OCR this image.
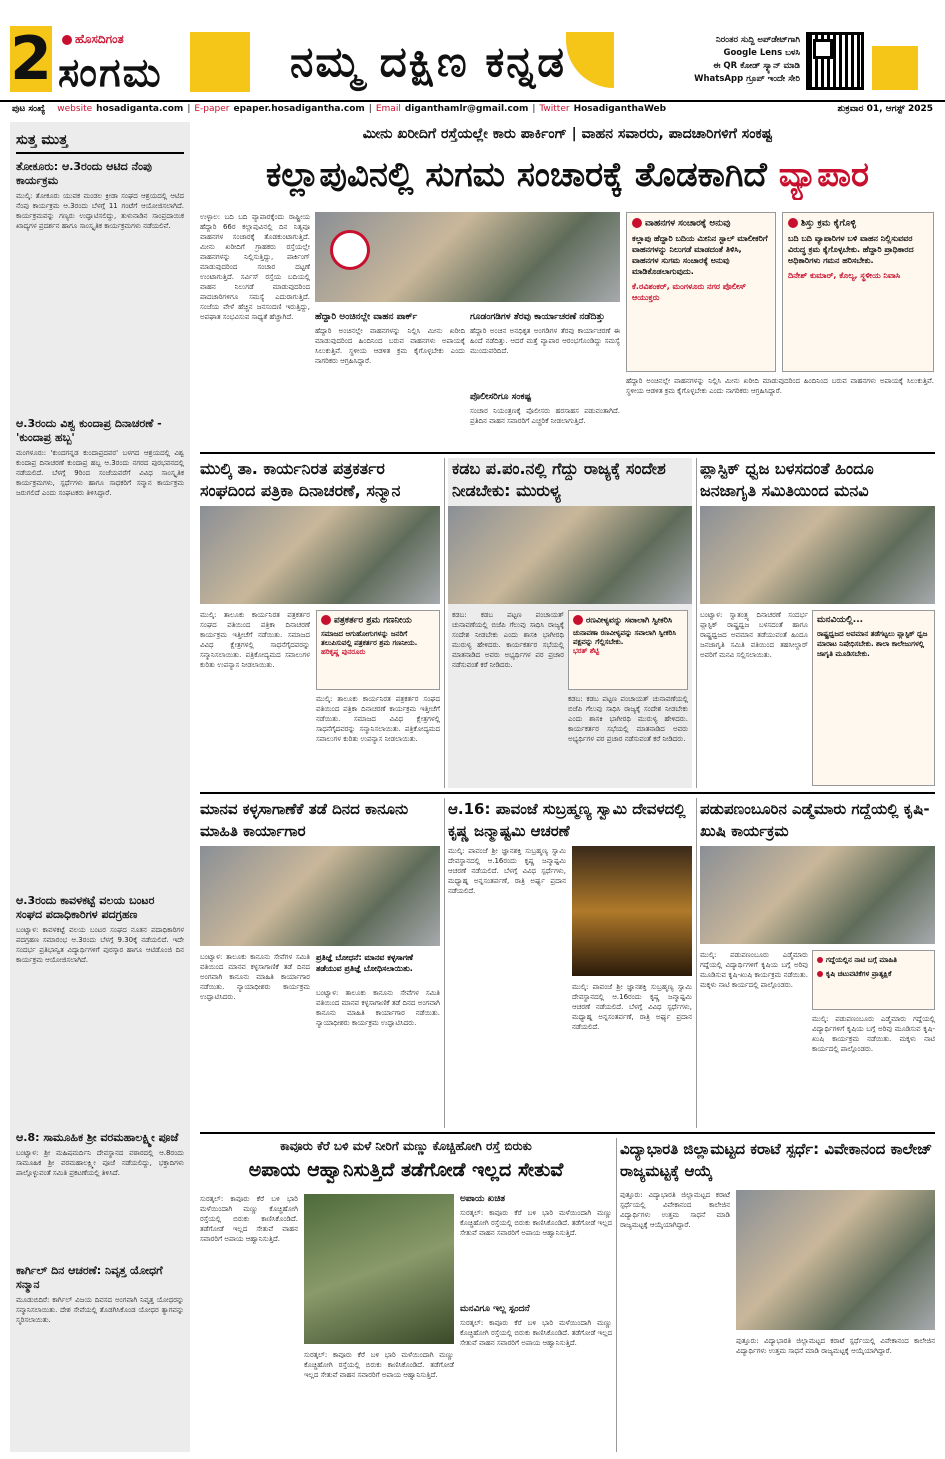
2	ಹೊಸದಿಗಂತ
ಸಂಗಮ	ನಮ್ಮ ದಕ್ಷಿಣ ಕನ್ನಡ	ನಿರಂತರ ಸುದ್ದಿ ಅಪ್‌ಡೇಟ್‌ಗಾಗಿ
Google Lens ಬಳಸಿ
ಈ QR ಕೋಡ್ ಸ್ಕ್ಯಾನ್ ಮಾಡಿ
WhatsApp ಗ್ರೂಪ್ ಇಂದೇ ಸೇರಿ
ಪುಟ ಸಂಖ್ಯೆ website hosadiganta.com | E-paper epaper.hosadigantha.com | Email diganthamlr@gmail.com | Twitter HosadiganthaWeb	ಶುಕ್ರವಾರ 01, ಆಗಸ್ಟ್ 2025
ಸುತ್ತ ಮುತ್ತ
ತೋಕೂರು: ಆ.3ರಂದು ಆಟಿದ ನೆಂಪು ಕಾರ್ಯಕ್ರಮ
ಮುಲ್ಕಿ: ತೋಕೂರು ಯುವಕ ಮಂಡಲ ಕ್ರೀಡಾ ಸಂಘದ ಆಶ್ರಯದಲ್ಲಿ ಆಟಿದ ನೆಂಪು ಕಾರ್ಯಕ್ರಮ ಆ.3ರಂದು ಬೆಳಗ್ಗೆ 11 ಗಂಟೆಗೆ ಆಯೋಜಿಸಲಾಗಿದೆ. ಕಾರ್ಯಕ್ರಮವನ್ನು ಗಣ್ಯರು ಉದ್ಘಾಟಿಸಲಿದ್ದು, ತುಳುನಾಡಿನ ಸಾಂಪ್ರದಾಯಿಕ ಖಾದ್ಯಗಳ ಪ್ರದರ್ಶನ ಹಾಗೂ ಸಾಂಸ್ಕೃತಿಕ ಕಾರ್ಯಕ್ರಮಗಳು ನಡೆಯಲಿವೆ.
ಆ.3ರಂದು ವಿಶ್ವ ಕುಂದಾಪ್ರ ದಿನಾಚರಣೆ - 'ಕುಂದಾಪ್ರ ಹಬ್ಬ'
ಮಂಗಳೂರು: 'ಕುಂದಗನ್ನಡ ಕುಂದಾಪ್ರದವರ' ಬಳಗದ ಆಶ್ರಯದಲ್ಲಿ ವಿಶ್ವ ಕುಂದಾಪ್ರ ದಿನಾಚರಣೆ ಕುಂದಾಪ್ರ ಹಬ್ಬ ಆ.3ರಂದು ನಗರದ ಪುರಭವನದಲ್ಲಿ ನಡೆಯಲಿದೆ. ಬೆಳಗ್ಗೆ 9ರಿಂದ ಸಂಜೆಯವರೆಗೆ ವಿವಿಧ ಸಾಂಸ್ಕೃತಿಕ ಕಾರ್ಯಕ್ರಮಗಳು, ಸ್ಪರ್ಧೆಗಳು ಹಾಗೂ ಸಾಧಕರಿಗೆ ಸನ್ಮಾನ ಕಾರ್ಯಕ್ರಮ ಜರುಗಲಿದೆ ಎಂದು ಸಂಘಟಕರು ತಿಳಿಸಿದ್ದಾರೆ.
ಆ.3ರಂದು ಕಾವಳಕಟ್ಟೆ ವಲಯ ಬಂಟರ ಸಂಘದ ಪದಾಧಿಕಾರಿಗಳ ಪದಗ್ರಹಣ
ಬಂಟ್ವಾಳ: ಕಾವಳಕಟ್ಟೆ ವಲಯ ಬಂಟರ ಸಂಘದ ನೂತನ ಪದಾಧಿಕಾರಿಗಳ ಪದಗ್ರಹಣ ಸಮಾರಂಭ ಆ.3ರಂದು ಬೆಳಗ್ಗೆ 9.30ಕ್ಕೆ ನಡೆಯಲಿದೆ. ಇದೇ ಸಂದರ್ಭ ಪ್ರತಿಭಾನ್ವಿತ ವಿದ್ಯಾರ್ಥಿಗಳಿಗೆ ಪುರಸ್ಕಾರ ಹಾಗೂ ಆಟಿಡೊಂಜಿ ದಿನ ಕಾರ್ಯಕ್ರಮ ಆಯೋಜಿಸಲಾಗಿದೆ.
ಆ.8: ಸಾಮೂಹಿಕ ಶ್ರೀ ವರಮಹಾಲಕ್ಷ್ಮೀ ಪೂಜೆ
ಬಂಟ್ವಾಳ: ಶ್ರೀ ಮಹಿಷಮರ್ದಿನಿ ದೇವಸ್ಥಾನದ ವಠಾರದಲ್ಲಿ ಆ.8ರಂದು ಸಾಮೂಹಿಕ ಶ್ರೀ ವರಮಹಾಲಕ್ಷ್ಮೀ ಪೂಜೆ ನಡೆಯಲಿದ್ದು, ಭಕ್ತಾದಿಗಳು ಪಾಲ್ಗೊಳ್ಳುವಂತೆ ಸಮಿತಿ ಪ್ರಕಟಣೆಯಲ್ಲಿ ತಿಳಿಸಿದೆ.
ಕಾರ್ಗಿಲ್ ದಿನ ಆಚರಣೆ: ನಿವೃತ್ತ ಯೋಧಗೆ ಸನ್ಮಾನ
ಮೂಡುಬಿದಿರೆ: ಕಾರ್ಗಿಲ್ ವಿಜಯ ದಿವಸದ ಅಂಗವಾಗಿ ನಿವೃತ್ತ ಯೋಧರನ್ನು ಸನ್ಮಾನಿಸಲಾಯಿತು. ದೇಶ ಸೇವೆಯಲ್ಲಿ ತೊಡಗಿಸಿಕೊಂಡ ಯೋಧರ ತ್ಯಾಗವನ್ನು ಸ್ಮರಿಸಲಾಯಿತು.
ಮೀನು ಖರೀದಿಗೆ ರಸ್ತೆಯಲ್ಲೇ ಕಾರು ಪಾರ್ಕಿಂಗ್ | ವಾಹನ ಸವಾರರು, ಪಾದಚಾರಿಗಳಿಗೆ ಸಂಕಷ್ಟ
ಕಲ್ಲಾಪುವಿನಲ್ಲಿ ಸುಗಮ ಸಂಚಾರಕ್ಕೆ ತೊಡಕಾಗಿದೆ ವ್ಯಾಪಾರ
ಉಳ್ಳಾಲ: ಬದಿ ಬದಿ ವ್ಯಾಪಾರಕ್ಕೆಂದು ರಾಷ್ಟ್ರೀಯ ಹೆದ್ದಾರಿ 66ರ ಕಲ್ಲಾಪುವಿನಲ್ಲಿ ದಿನ ನಿತ್ಯವೂ ವಾಹನಗಳ ಸಂಚಾರಕ್ಕೆ ತೊಡಕುಂಟಾಗುತ್ತಿದೆ. ಮೀನು ಖರೀದಿಗೆ ಗ್ರಾಹಕರು ರಸ್ತೆಯಲ್ಲೇ ವಾಹನಗಳನ್ನು ನಿಲ್ಲಿಸುತ್ತಿದ್ದು, ಪಾರ್ಕಿಂಗ್ ಮಾಡುವುದರಿಂದ ಸಂಚಾರ ದಟ್ಟಣೆ ಉಂಟಾಗುತ್ತಿದೆ. ಸರ್ವಿಸ್ ರಸ್ತೆಯ ಬದಿಯಲ್ಲಿ ವಾಹನ ನಿಲುಗಡೆ ಮಾಡುವುದರಿಂದ ಪಾದಚಾರಿಗಳಿಗೂ ಸಮಸ್ಯೆ ಎದುರಾಗುತ್ತಿದೆ. ಸಂಜೆಯ ವೇಳೆ ಹೆಚ್ಚಿನ ಜನಸಂದಣಿ ಇರುತ್ತಿದ್ದು, ಅಪಘಾತ ಸಂಭವಿಸುವ ಸಾಧ್ಯತೆ ಹೆಚ್ಚಾಗಿದೆ.	ಹೆದ್ದಾರಿ ಅಂಚಿನಲ್ಲೇ ವಾಹನ ಪಾರ್ಕ್
ಹೆದ್ದಾರಿ ಅಂಚಿನಲ್ಲೇ ವಾಹನಗಳನ್ನು ನಿಲ್ಲಿಸಿ ಮೀನು ಖರೀದಿ ಮಾಡುವುದರಿಂದ ಹಿಂದಿನಿಂದ ಬರುವ ವಾಹನಗಳು ಅಪಾಯಕ್ಕೆ ಸಿಲುಕುತ್ತಿವೆ. ಸ್ಥಳೀಯ ಆಡಳಿತ ಕ್ರಮ ಕೈಗೊಳ್ಳಬೇಕು ಎಂದು ನಾಗರಿಕರು ಆಗ್ರಹಿಸಿದ್ದಾರೆ.
ಗೂಡಂಗಡಿಗಳ ತೆರವು ಕಾರ್ಯಾಚರಣೆ ನಡೆದಿತ್ತು
ಹೆದ್ದಾರಿ ಅಂಚಿನ ಅನಧಿಕೃತ ಅಂಗಡಿಗಳ ತೆರವು ಕಾರ್ಯಾಚರಣೆ ಈ ಹಿಂದೆ ನಡೆದಿತ್ತು. ಆದರೆ ಮತ್ತೆ ವ್ಯಾಪಾರ ಆರಂಭಗೊಂಡಿದ್ದು ಸಮಸ್ಯೆ ಮುಂದುವರಿದಿದೆ.
ಪೊಲೀಸರಿಗೂ ಸಂಕಷ್ಟ
ಸಂಚಾರ ನಿಯಂತ್ರಣಕ್ಕೆ ಪೊಲೀಸರು ಹರಸಾಹಸ ಪಡುವಂತಾಗಿದೆ. ಪ್ರತಿದಿನ ವಾಹನ ಸವಾರರಿಗೆ ಎಚ್ಚರಿಕೆ ನೀಡಲಾಗುತ್ತಿದೆ.
ವಾಹನಗಳ ಸಂಚಾರಕ್ಕೆ ಅನುವು
ಕಲ್ಲಾಪು ಹೆದ್ದಾರಿ ಬದಿಯ ಮೀನಿನ ಸ್ಟಾಲ್ ಮಾಲೀಕರಿಗೆ ವಾಹನಗಳನ್ನು ನಿಲುಗಡೆ ಮಾಡದಂತೆ ತಿಳಿಸಿ, ವಾಹನಗಳ ಸುಗಮ ಸಂಚಾರಕ್ಕೆ ಅನುವು ಮಾಡಿಕೊಡಲಾಗುವುದು.
ಕೆ.ರವಿಶಂಕರ್, ಮಂಗಳೂರು ನಗರ ಪೊಲೀಸ್ ಆಯುಕ್ತರು
ಶಿಸ್ತು ಕ್ರಮ ಕೈಗೊಳ್ಳಿ
ಬದಿ ಬದಿ ವ್ಯಾಪಾರಿಗಳ ಬಳಿ ವಾಹನ ನಿಲ್ಲಿಸುವವರ ವಿರುದ್ಧ ಕ್ರಮ ಕೈಗೊಳ್ಳಬೇಕು. ಹೆದ್ದಾರಿ ಪ್ರಾಧಿಕಾರದ ಅಧಿಕಾರಿಗಳು ಗಮನ ಹರಿಸಬೇಕು.
ದಿನೇಶ್ ಕುಮಾರ್, ಕೊಲ್ಯ, ಸ್ಥಳೀಯ ನಿವಾಸಿ
ಹೆದ್ದಾರಿ ಅಂಚಿನಲ್ಲೇ ವಾಹನಗಳನ್ನು ನಿಲ್ಲಿಸಿ ಮೀನು ಖರೀದಿ ಮಾಡುವುದರಿಂದ ಹಿಂದಿನಿಂದ ಬರುವ ವಾಹನಗಳು ಅಪಾಯಕ್ಕೆ ಸಿಲುಕುತ್ತಿವೆ. ಸ್ಥಳೀಯ ಆಡಳಿತ ಕ್ರಮ ಕೈಗೊಳ್ಳಬೇಕು ಎಂದು ನಾಗರಿಕರು ಆಗ್ರಹಿಸಿದ್ದಾರೆ.
ಮುಲ್ಕಿ ತಾ. ಕಾರ್ಯನಿರತ ಪತ್ರಕರ್ತರ ಸಂಘದಿಂದ ಪತ್ರಿಕಾ ದಿನಾಚರಣೆ, ಸನ್ಮಾನ
ಮುಲ್ಕಿ: ತಾಲೂಕು ಕಾರ್ಯನಿರತ ಪತ್ರಕರ್ತರ ಸಂಘದ ವತಿಯಿಂದ ಪತ್ರಿಕಾ ದಿನಾಚರಣೆ ಕಾರ್ಯಕ್ರಮ ಇತ್ತೀಚೆಗೆ ನಡೆಯಿತು. ಸಮಾಜದ ವಿವಿಧ ಕ್ಷೇತ್ರಗಳಲ್ಲಿ ಸಾಧನೆಗೈದವರನ್ನು ಸನ್ಮಾನಿಸಲಾಯಿತು. ಪತ್ರಿಕೋದ್ಯಮದ ಸವಾಲುಗಳ ಕುರಿತು ಉಪನ್ಯಾಸ ನೀಡಲಾಯಿತು.
ಪತ್ರಕರ್ತರ ಶ್ರಮ ಗಣನೀಯ
ಸಮಾಜದ ಆಗುಹೋಗುಗಳನ್ನು ಜನರಿಗೆ ತಲುಪಿಸುವಲ್ಲಿ ಪತ್ರಕರ್ತರ ಶ್ರಮ ಗಣನೀಯ.
ಹರಿಕೃಷ್ಣ ಪುನರೂರು
ಮುಲ್ಕಿ: ತಾಲೂಕು ಕಾರ್ಯನಿರತ ಪತ್ರಕರ್ತರ ಸಂಘದ ವತಿಯಿಂದ ಪತ್ರಿಕಾ ದಿನಾಚರಣೆ ಕಾರ್ಯಕ್ರಮ ಇತ್ತೀಚೆಗೆ ನಡೆಯಿತು. ಸಮಾಜದ ವಿವಿಧ ಕ್ಷೇತ್ರಗಳಲ್ಲಿ ಸಾಧನೆಗೈದವರನ್ನು ಸನ್ಮಾನಿಸಲಾಯಿತು. ಪತ್ರಿಕೋದ್ಯಮದ ಸವಾಲುಗಳ ಕುರಿತು ಉಪನ್ಯಾಸ ನೀಡಲಾಯಿತು.
ಕಡಬ ಪ.ಪಂ.ನಲ್ಲಿ ಗೆದ್ದು ರಾಜ್ಯಕ್ಕೆ ಸಂದೇಶ ನೀಡಬೇಕು: ಮುರುಳ್ಯ
ಕಡಬ: ಕಡಬ ಪಟ್ಟಣ ಪಂಚಾಯತ್ ಚುನಾವಣೆಯಲ್ಲಿ ಬಿಜೆಪಿ ಗೆಲುವು ಸಾಧಿಸಿ ರಾಜ್ಯಕ್ಕೆ ಸಂದೇಶ ನೀಡಬೇಕು ಎಂದು ಶಾಸಕಿ ಭಾಗೀರಥಿ ಮುರುಳ್ಯ ಹೇಳಿದರು. ಕಾರ್ಯಕರ್ತರ ಸಭೆಯಲ್ಲಿ ಮಾತನಾಡಿದ ಅವರು ಅಭ್ಯರ್ಥಿಗಳ ಪರ ಪ್ರಚಾರ ನಡೆಸುವಂತೆ ಕರೆ ನೀಡಿದರು.
ರಣವೀಳ್ಯವನ್ನು ಸವಾಲಾಗಿ ಸ್ವೀಕರಿಸಿ
ಚುನಾವಣಾ ರಣವೀಳ್ಯವನ್ನು ಸವಾಲಾಗಿ ಸ್ವೀಕರಿಸಿ ಪಕ್ಷವನ್ನು ಗೆಲ್ಲಿಸಬೇಕು.
ಭರತ್ ಶೆಟ್ಟಿ
ಕಡಬ: ಕಡಬ ಪಟ್ಟಣ ಪಂಚಾಯತ್ ಚುನಾವಣೆಯಲ್ಲಿ ಬಿಜೆಪಿ ಗೆಲುವು ಸಾಧಿಸಿ ರಾಜ್ಯಕ್ಕೆ ಸಂದೇಶ ನೀಡಬೇಕು ಎಂದು ಶಾಸಕಿ ಭಾಗೀರಥಿ ಮುರುಳ್ಯ ಹೇಳಿದರು. ಕಾರ್ಯಕರ್ತರ ಸಭೆಯಲ್ಲಿ ಮಾತನಾಡಿದ ಅವರು ಅಭ್ಯರ್ಥಿಗಳ ಪರ ಪ್ರಚಾರ ನಡೆಸುವಂತೆ ಕರೆ ನೀಡಿದರು.
ಪ್ಲಾಸ್ಟಿಕ್ ಧ್ವಜ ಬಳಸದಂತೆ ಹಿಂದೂ ಜನಜಾಗೃತಿ ಸಮಿತಿಯಿಂದ ಮನವಿ
ಬಂಟ್ವಾಳ: ಸ್ವಾತಂತ್ರ್ಯ ದಿನಾಚರಣೆ ಸಂದರ್ಭ ಪ್ಲಾಸ್ಟಿಕ್ ರಾಷ್ಟ್ರಧ್ವಜ ಬಳಸದಂತೆ ಹಾಗೂ ರಾಷ್ಟ್ರಧ್ವಜದ ಅವಮಾನ ತಡೆಯುವಂತೆ ಹಿಂದೂ ಜನಜಾಗೃತಿ ಸಮಿತಿ ವತಿಯಿಂದ ತಹಸೀಲ್ದಾರ್ ಅವರಿಗೆ ಮನವಿ ಸಲ್ಲಿಸಲಾಯಿತು.
ಮನವಿಯಲ್ಲಿ...
ರಾಷ್ಟ್ರಧ್ವಜದ ಅವಮಾನ ತಡೆಗಟ್ಟಲು ಪ್ಲಾಸ್ಟಿಕ್ ಧ್ವಜ ಮಾರಾಟ ನಿಷೇಧಿಸಬೇಕು. ಶಾಲಾ ಕಾಲೇಜುಗಳಲ್ಲಿ ಜಾಗೃತಿ ಮೂಡಿಸಬೇಕು.
ಮಾನವ ಕಳ್ಳಸಾಗಾಣೆಕೆ ತಡೆ ದಿನದ ಕಾನೂನು ಮಾಹಿತಿ ಕಾರ್ಯಾಗಾರ
ಬಂಟ್ವಾಳ: ತಾಲೂಕು ಕಾನೂನು ಸೇವೆಗಳ ಸಮಿತಿ ವತಿಯಿಂದ ಮಾನವ ಕಳ್ಳಸಾಗಾಣಿಕೆ ತಡೆ ದಿನದ ಅಂಗವಾಗಿ ಕಾನೂನು ಮಾಹಿತಿ ಕಾರ್ಯಾಗಾರ ನಡೆಯಿತು. ನ್ಯಾಯಾಧೀಶರು ಕಾರ್ಯಕ್ರಮ ಉದ್ಘಾಟಿಸಿದರು.
ಪ್ರತಿಜ್ಞೆ ಬೋಧನೆ: ಮಾನವ ಕಳ್ಳಸಾಗಣೆ ತಡೆಯುವ ಪ್ರತಿಜ್ಞೆ ಬೋಧಿಸಲಾಯಿತು.
ಬಂಟ್ವಾಳ: ತಾಲೂಕು ಕಾನೂನು ಸೇವೆಗಳ ಸಮಿತಿ ವತಿಯಿಂದ ಮಾನವ ಕಳ್ಳಸಾಗಾಣಿಕೆ ತಡೆ ದಿನದ ಅಂಗವಾಗಿ ಕಾನೂನು ಮಾಹಿತಿ ಕಾರ್ಯಾಗಾರ ನಡೆಯಿತು. ನ್ಯಾಯಾಧೀಶರು ಕಾರ್ಯಕ್ರಮ ಉದ್ಘಾಟಿಸಿದರು.
ಆ.16: ಪಾವಂಜೆ ಸುಬ್ರಹ್ಮಣ್ಯ ಸ್ವಾಮಿ ದೇವಳದಲ್ಲಿ ಕೃಷ್ಣ ಜನ್ಮಾಷ್ಟಮಿ ಆಚರಣೆ
ಮುಲ್ಕಿ: ಪಾವಂಜೆ ಶ್ರೀ ಜ್ಞಾನಶಕ್ತಿ ಸುಬ್ರಹ್ಮಣ್ಯ ಸ್ವಾಮಿ ದೇವಸ್ಥಾನದಲ್ಲಿ ಆ.16ರಂದು ಕೃಷ್ಣ ಜನ್ಮಾಷ್ಟಮಿ ಆಚರಣೆ ನಡೆಯಲಿದೆ. ಬೆಳಗ್ಗೆ ವಿವಿಧ ಸ್ಪರ್ಧೆಗಳು, ಮಧ್ಯಾಹ್ನ ಅನ್ನಸಂತರ್ಪಣೆ, ರಾತ್ರಿ ಅರ್ಘ್ಯ ಪ್ರದಾನ ನಡೆಯಲಿದೆ.
ಮುಲ್ಕಿ: ಪಾವಂಜೆ ಶ್ರೀ ಜ್ಞಾನಶಕ್ತಿ ಸುಬ್ರಹ್ಮಣ್ಯ ಸ್ವಾಮಿ ದೇವಸ್ಥಾನದಲ್ಲಿ ಆ.16ರಂದು ಕೃಷ್ಣ ಜನ್ಮಾಷ್ಟಮಿ ಆಚರಣೆ ನಡೆಯಲಿದೆ. ಬೆಳಗ್ಗೆ ವಿವಿಧ ಸ್ಪರ್ಧೆಗಳು, ಮಧ್ಯಾಹ್ನ ಅನ್ನಸಂತರ್ಪಣೆ, ರಾತ್ರಿ ಅರ್ಘ್ಯ ಪ್ರದಾನ ನಡೆಯಲಿದೆ.
ಪಡುಪಣಂಬೂರಿನ ಎಡ್ಮೆಮಾರು ಗದ್ದೆಯಲ್ಲಿ ಕೃಷಿ-ಖುಷಿ ಕಾರ್ಯಕ್ರಮ
ಮುಲ್ಕಿ: ಪಡುಪಣಂಬೂರು ಎಡ್ಮೆಮಾರು ಗದ್ದೆಯಲ್ಲಿ ವಿದ್ಯಾರ್ಥಿಗಳಿಗೆ ಕೃಷಿಯ ಬಗ್ಗೆ ಅರಿವು ಮೂಡಿಸುವ ಕೃಷಿ-ಖುಷಿ ಕಾರ್ಯಕ್ರಮ ನಡೆಯಿತು. ಮಕ್ಕಳು ನಾಟಿ ಕಾರ್ಯದಲ್ಲಿ ಪಾಲ್ಗೊಂಡರು.
ಗದ್ದೆಯಲ್ಲಿನ ನಾಟಿ ಬಗ್ಗೆ ಮಾಹಿತಿ
ಕೃಷಿ ಚಟುವಟಿಕೆಗಳ ಪ್ರಾತ್ಯಕ್ಷಿಕೆ
ಮುಲ್ಕಿ: ಪಡುಪಣಂಬೂರು ಎಡ್ಮೆಮಾರು ಗದ್ದೆಯಲ್ಲಿ ವಿದ್ಯಾರ್ಥಿಗಳಿಗೆ ಕೃಷಿಯ ಬಗ್ಗೆ ಅರಿವು ಮೂಡಿಸುವ ಕೃಷಿ-ಖುಷಿ ಕಾರ್ಯಕ್ರಮ ನಡೆಯಿತು. ಮಕ್ಕಳು ನಾಟಿ ಕಾರ್ಯದಲ್ಲಿ ಪಾಲ್ಗೊಂಡರು.
ಕಾವೂರು ಕೆರೆ ಬಳಿ ಮಳೆ ನೀರಿಗೆ ಮಣ್ಣು ಕೊಚ್ಚಿಹೋಗಿ ರಸ್ತೆ ಬಿರುಕು
ಅಪಾಯ ಆಹ್ವಾನಿಸುತ್ತಿದೆ ತಡೆಗೋಡೆ ಇಲ್ಲದ ಸೇತುವೆ
ಸುರತ್ಕಲ್: ಕಾವೂರು ಕೆರೆ ಬಳಿ ಭಾರಿ ಮಳೆಯಿಂದಾಗಿ ಮಣ್ಣು ಕೊಚ್ಚಿಹೋಗಿ ರಸ್ತೆಯಲ್ಲಿ ಬಿರುಕು ಕಾಣಿಸಿಕೊಂಡಿದೆ. ತಡೆಗೋಡೆ ಇಲ್ಲದ ಸೇತುವೆ ವಾಹನ ಸವಾರರಿಗೆ ಅಪಾಯ ಆಹ್ವಾನಿಸುತ್ತಿದೆ.
ಸುರತ್ಕಲ್: ಕಾವೂರು ಕೆರೆ ಬಳಿ ಭಾರಿ ಮಳೆಯಿಂದಾಗಿ ಮಣ್ಣು ಕೊಚ್ಚಿಹೋಗಿ ರಸ್ತೆಯಲ್ಲಿ ಬಿರುಕು ಕಾಣಿಸಿಕೊಂಡಿದೆ. ತಡೆಗೋಡೆ ಇಲ್ಲದ ಸೇತುವೆ ವಾಹನ ಸವಾರರಿಗೆ ಅಪಾಯ ಆಹ್ವಾನಿಸುತ್ತಿದೆ.
ಅಪಾಯ ಖಚಿತ
ಸುರತ್ಕಲ್: ಕಾವೂರು ಕೆರೆ ಬಳಿ ಭಾರಿ ಮಳೆಯಿಂದಾಗಿ ಮಣ್ಣು ಕೊಚ್ಚಿಹೋಗಿ ರಸ್ತೆಯಲ್ಲಿ ಬಿರುಕು ಕಾಣಿಸಿಕೊಂಡಿದೆ. ತಡೆಗೋಡೆ ಇಲ್ಲದ ಸೇತುವೆ ವಾಹನ ಸವಾರರಿಗೆ ಅಪಾಯ ಆಹ್ವಾನಿಸುತ್ತಿದೆ.
ಮನವಿಗೂ ಇಲ್ಲ ಸ್ಪಂದನೆ
ಸುರತ್ಕಲ್: ಕಾವೂರು ಕೆರೆ ಬಳಿ ಭಾರಿ ಮಳೆಯಿಂದಾಗಿ ಮಣ್ಣು ಕೊಚ್ಚಿಹೋಗಿ ರಸ್ತೆಯಲ್ಲಿ ಬಿರುಕು ಕಾಣಿಸಿಕೊಂಡಿದೆ. ತಡೆಗೋಡೆ ಇಲ್ಲದ ಸೇತುವೆ ವಾಹನ ಸವಾರರಿಗೆ ಅಪಾಯ ಆಹ್ವಾನಿಸುತ್ತಿದೆ.
ವಿದ್ಯಾಭಾರತಿ ಜಿಲ್ಲಾಮಟ್ಟದ ಕರಾಟೆ ಸ್ಪರ್ಧೆ: ವಿವೇಕಾನಂದ ಕಾಲೇಜ್ ರಾಜ್ಯಮಟ್ಟಕ್ಕೆ ಆಯ್ಕೆ
ಪುತ್ತೂರು: ವಿದ್ಯಾಭಾರತಿ ಜಿಲ್ಲಾಮಟ್ಟದ ಕರಾಟೆ ಸ್ಪರ್ಧೆಯಲ್ಲಿ ವಿವೇಕಾನಂದ ಕಾಲೇಜಿನ ವಿದ್ಯಾರ್ಥಿಗಳು ಉತ್ತಮ ಸಾಧನೆ ಮಾಡಿ ರಾಜ್ಯಮಟ್ಟಕ್ಕೆ ಆಯ್ಕೆಯಾಗಿದ್ದಾರೆ.
ಪುತ್ತೂರು: ವಿದ್ಯಾಭಾರತಿ ಜಿಲ್ಲಾಮಟ್ಟದ ಕರಾಟೆ ಸ್ಪರ್ಧೆಯಲ್ಲಿ ವಿವೇಕಾನಂದ ಕಾಲೇಜಿನ ವಿದ್ಯಾರ್ಥಿಗಳು ಉತ್ತಮ ಸಾಧನೆ ಮಾಡಿ ರಾಜ್ಯಮಟ್ಟಕ್ಕೆ ಆಯ್ಕೆಯಾಗಿದ್ದಾರೆ.
